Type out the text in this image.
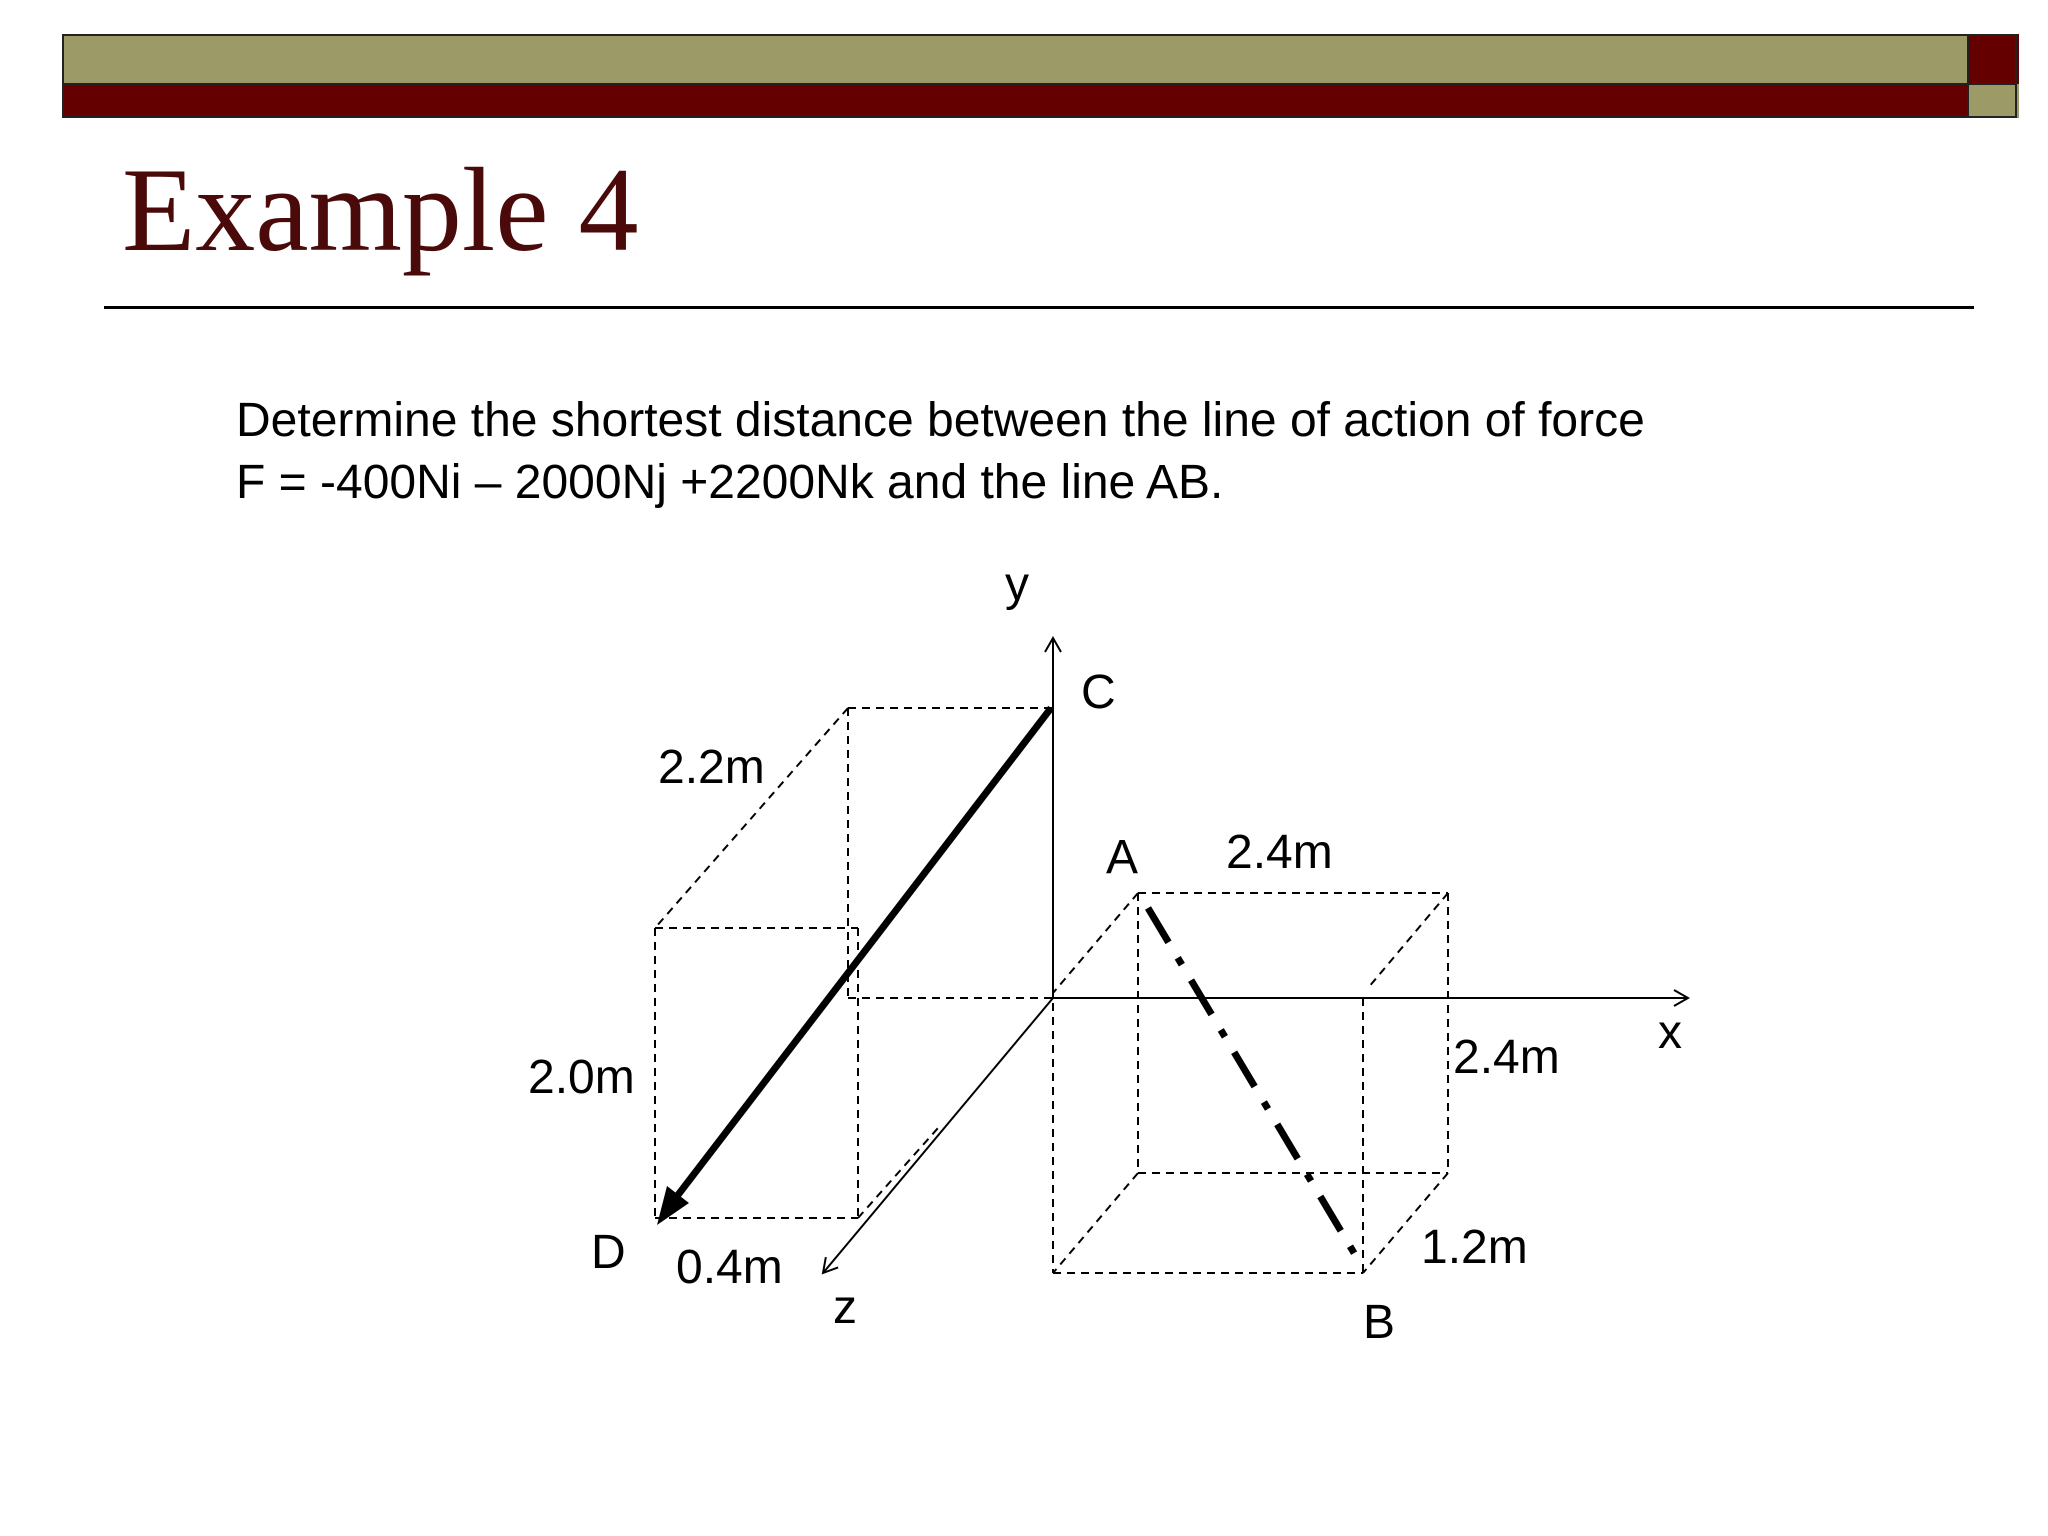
Example 4

Determine the shortest distance between the line of action of force

F = -400Ni – 2000Nj +2200Nk and the line AB.

y
x
z
C
A
D
B
2.2m
2.0m
0.4m
2.4m
2.4m
1.2m
